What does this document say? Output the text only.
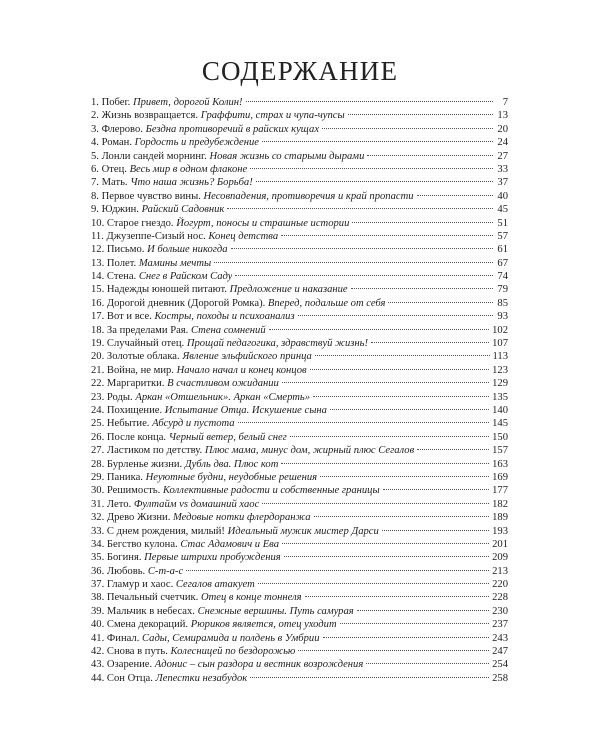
СОДЕРЖАНИЕ
1. Побег. Привет, дорогой Колин!	7
2. Жизнь возвращается. Граффити, страх и чупа-чупсы	13
3. Флерово. Бездна противоречий в райских кущах	20
4. Роман. Гордость и предубеждение	24
5. Лонли сандей морнинг. Новая жизнь со старыми дырами	27
6. Отец. Весь мир в одном флаконе	33
7. Мать. Что наша жизнь? Борьба!	37
8. Первое чувство вины. Несовпадения, противоречия и край пропасти	40
9. Юджин. Райский Садовник	45
10. Старое гнездо. Йогурт, поносы и страшные истории	51
11. Джузеппе-Сизый нос. Конец детства	57
12. Письмо. И больше никогда	61
13. Полет. Мамины мечты	67
14. Стена. Снег в Райском Саду	74
15. Надежды юношей питают. Предложение и наказание	79
16. Дорогой дневник (Дорогой Ромка). Вперед, подальше от себя	85
17. Вот и все. Костры, походы и психоанализ	93
18. За пределами Рая. Стена сомнений	102
19. Случайный отец. Прощай педагогика, здравствуй жизнь!	107
20. Золотые облака. Явление эльфийского принца	113
21. Война, не мир. Начало начал и конец концов	123
22. Маргаритки. В счастливом ожидании	129
23. Роды. Аркан «Отшельник». Аркан «Смерть»	135
24. Похищение. Испытание Отца. Искушение сына	140
25. Небытие. Абсурд и пустота	145
26. После конца. Черный ветер, белый снег	150
27. Ластиком по детству. Плюс мама, минус дом, жирный плюс Сегалов	157
28. Бурленье жизни. Дубль два. Плюс кот	163
29. Паника. Неуютные будни, неудобные решения	169
30. Решимость. Коллективные радости и собственные границы	177
31. Лето. Фултайм vs домашний хаос	182
32. Древо Жизни. Медовые нотки флердоранжа	189
33. С днем рождения, милый! Идеальный мужик мистер Дарси	193
34. Бегство кулона. Стас Адамович и Ева	201
35. Богиня. Первые штрихи пробуждения	209
36. Любовь. С-т-а-с	213
37. Гламур и хаос. Сегалов атакует	220
38. Печальный счетчик. Отец в конце тоннеля	228
39. Мальчик в небесах. Снежные вершины. Путь самурая	230
40. Смена декораций. Рюриков является, отец уходит	237
41. Финал. Сады, Семирамида и полдень в Умбрии	243
42. Снова в путь. Колесницей по бездорожью	247
43. Озарение. Адонис – сын раздора и вестник возрождения	254
44. Сон Отца. Лепестки незабудок	258
